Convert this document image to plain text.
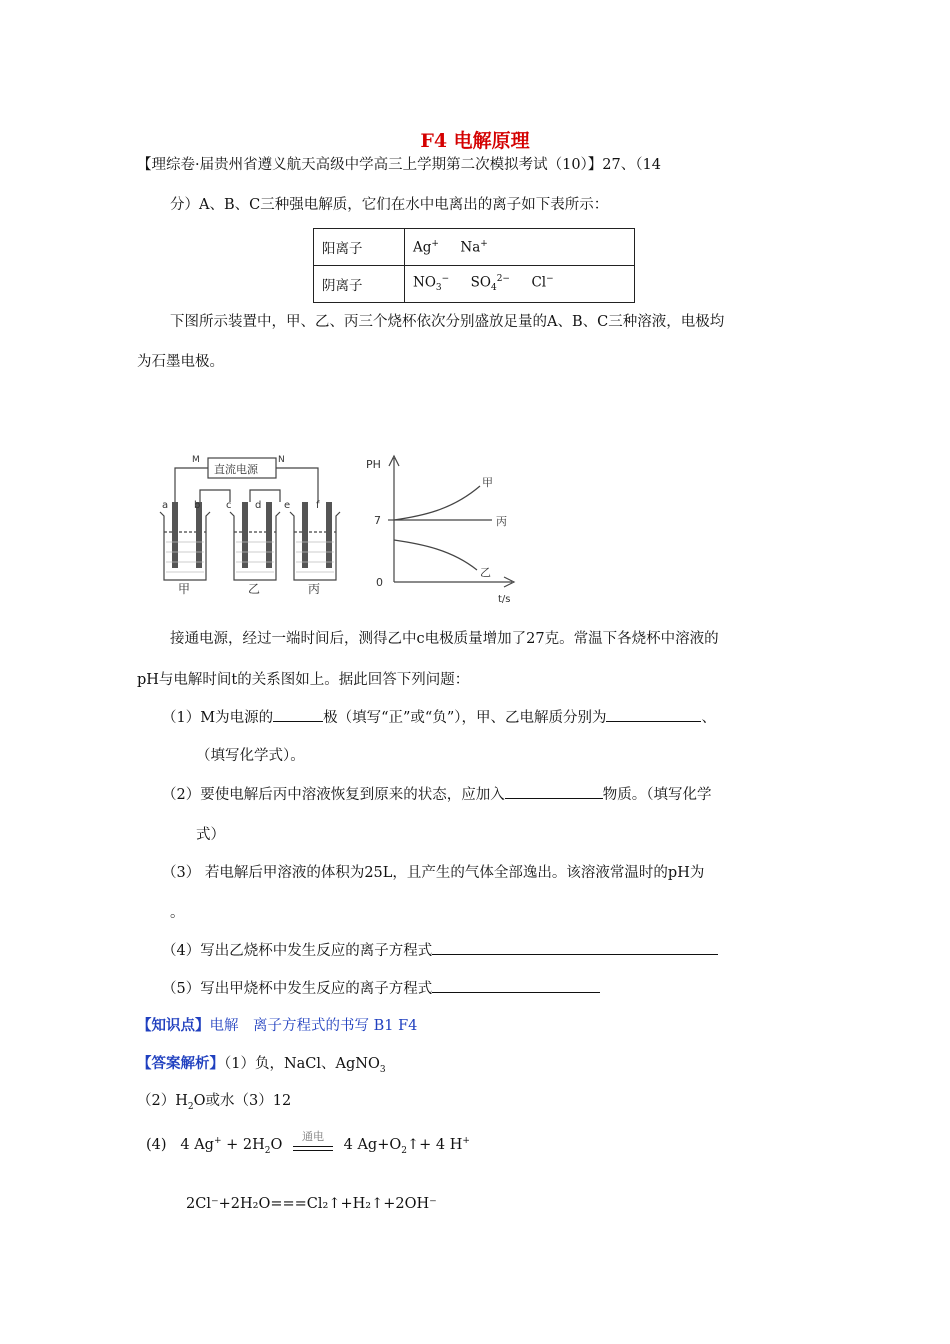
F4 电解原理
【理综卷·届贵州省遵义航天高级中学高三上学期第二次模拟考试（10）】27、（14
分）A、B、C三种强电解质，它们在水中电离出的离子如下表所示：
阳离子	Ag+ Na+
阴离子	$NO_3^-$ $SO_4^{2-}$ Cl−
下图所示装置中，甲、乙、丙三个烧杯依次分别盛放足量的A、B、C三种溶液，电极均
为石墨电极。
直流电源
M	N
a	b	c d e	f
甲	乙	丙
PH
7
0
t/s
甲
丙
乙
接通电源，经过一端时间后，测得乙中c电极质量增加了27克。常温下各烧杯中溶液的
pH与电解时间t的关系图如上。据此回答下列问题：
（1）M为电源的	极（填写“正”或“负”），甲、乙电解质分别为	、
（填写化学式）。
（2）要使电解后丙中溶液恢复到原来的状态，应加入	物质。（填写化学
式）
（3） 若电解后甲溶液的体积为25L，且产生的气体全部逸出。该溶液常温时的pH为
。
（4）写出乙烧杯中发生反应的离子方程式
（5）写出甲烧杯中发生反应的离子方程式
【知识点】电解　离子方程式的书写 B1 F4
【答案解析】（1）负，NaCl、AgNO$_3$
$(2)H_2O$或水（3）12
(4) 4 $Ag^+ + 2H_2O$
通电
4 $Ag+O_2↑+ 4$ H+
2Cl⁻+2H₂O===Cl₂↑+H₂↑+2OH⁻
